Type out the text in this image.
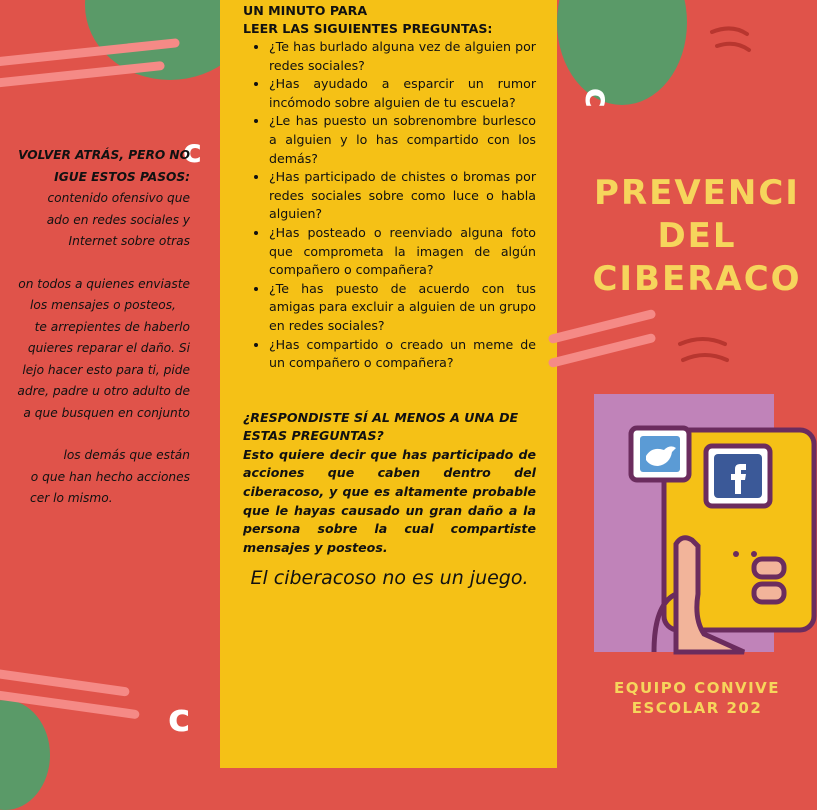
c
c

VOLVER ATRÁS, PERO NO

IGUE ESTOS PASOS:

contenido ofensivo que

ado en redes sociales y

Internet sobre otras

on todos a quienes enviaste

los mensajes o posteos,

te arrepientes de haberlo

quieres reparar el daño. Si

lejo hacer esto para ti, pide

adre, padre u otro adulto de

a que busquen en conjunto

los demás que están

o que han hecho acciones

cer lo mismo.

UN MINUTO PARA
LEER LAS SIGUIENTES PREGUNTAS:

• ¿Te has burlado alguna vez de alguien por redes sociales?
• ¿Has ayudado a esparcir un rumor incómodo sobre alguien de tu escuela?
• ¿Le has puesto un sobrenombre burlesco a alguien y lo has compartido con los demás?
• ¿Has participado de chistes o bromas por redes sociales sobre como luce o habla alguien?
• ¿Has posteado o reenviado alguna foto que comprometa la imagen de algún compañero o compañera?
• ¿Te has puesto de acuerdo con tus amigas para excluir a alguien de un grupo en redes sociales?
• ¿Has compartido o creado un meme de un compañero o compañera?

¿RESPONDISTE SÍ AL MENOS A UNA DE ESTAS PREGUNTAS?

Esto quiere decir que has participado de acciones que caben dentro del ciberacoso, y que es altamente probable que le hayas causado un gran daño a la persona sobre la cual compartiste mensajes y posteos.

El ciberacoso no es un juego.

c
PREVENCI
DEL
CIBERACO
EQUIPO CONVIVE
ESCOLAR 202
